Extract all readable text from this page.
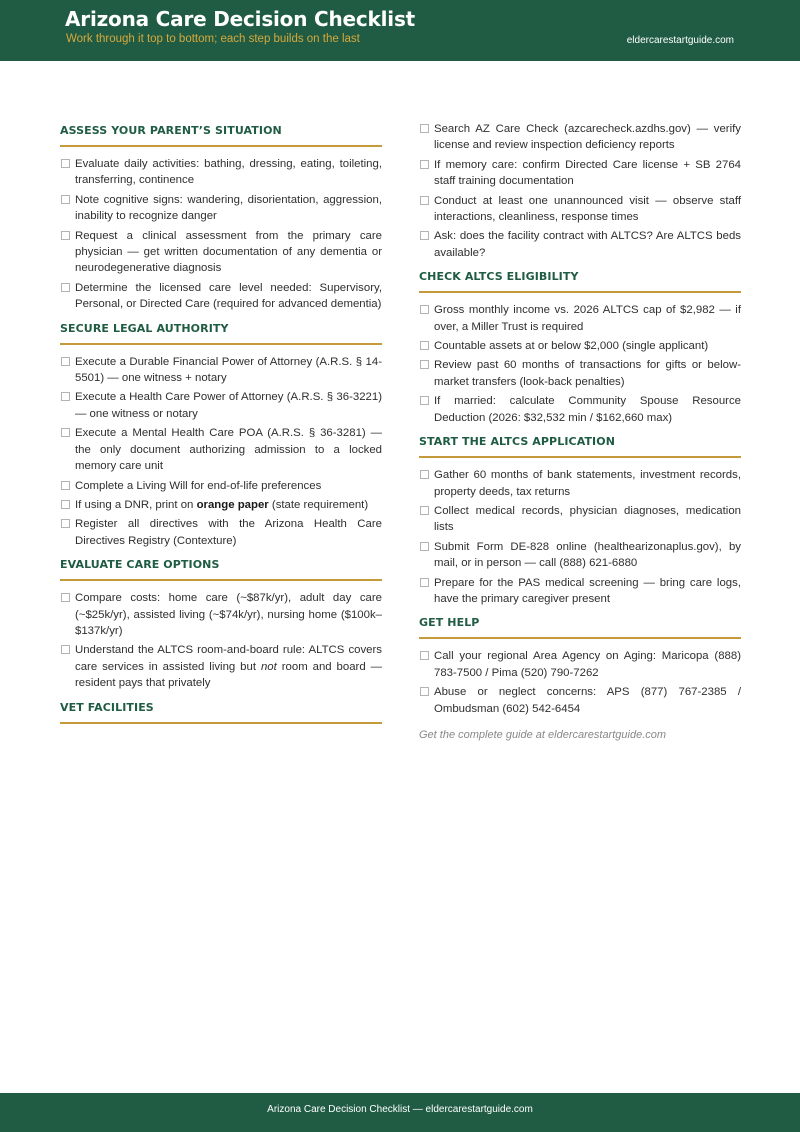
Arizona Care Decision Checklist
Work through it top to bottom; each step builds on the last	eldercarestartguide.com
ASSESS YOUR PARENT’S SITUATION
Evaluate daily activities: bathing, dressing, eating, toileting, transferring, continence
Note cognitive signs: wandering, disorientation, aggression, inability to recognize danger
Request a clinical assessment from the primary care physician — get written documentation of any dementia or neurodegenerative diagnosis
Determine the licensed care level needed: Supervisory, Personal, or Directed Care (required for advanced dementia)
SECURE LEGAL AUTHORITY
Execute a Durable Financial Power of Attorney (A.R.S. § 14-5501) — one witness + notary
Execute a Health Care Power of Attorney (A.R.S. § 36-3221) — one witness or notary
Execute a Mental Health Care POA (A.R.S. § 36-3281) — the only document authorizing admission to a locked memory care unit
Complete a Living Will for end-of-life preferences
If using a DNR, print on orange paper (state requirement)
Register all directives with the Arizona Health Care Directives Registry (Contexture)
EVALUATE CARE OPTIONS
Compare costs: home care (~$87k/yr), adult day care (~$25k/yr), assisted living (~$74k/yr), nursing home ($100k–$137k/yr)
Understand the ALTCS room-and-board rule: ALTCS covers care services in assisted living but not room and board — resident pays that privately
VET FACILITIES
Search AZ Care Check (azcarecheck.azdhs.gov) — verify license and review inspection deficiency reports
If memory care: confirm Directed Care license + SB 2764 staff training documentation
Conduct at least one unannounced visit — observe staff interactions, cleanliness, response times
Ask: does the facility contract with ALTCS? Are ALTCS beds available?
CHECK ALTCS ELIGIBILITY
Gross monthly income vs. 2026 ALTCS cap of $2,982 — if over, a Miller Trust is required
Countable assets at or below $2,000 (single applicant)
Review past 60 months of transactions for gifts or below-market transfers (look-back penalties)
If married: calculate Community Spouse Resource Deduction (2026: $32,532 min / $162,660 max)
START THE ALTCS APPLICATION
Gather 60 months of bank statements, investment records, property deeds, tax returns
Collect medical records, physician diagnoses, medication lists
Submit Form DE-828 online (healthearizonaplus.gov), by mail, or in person — call (888) 621-6880
Prepare for the PAS medical screening — bring care logs, have the primary caregiver present
GET HELP
Call your regional Area Agency on Aging: Maricopa (888) 783-7500 / Pima (520) 790-7262
Abuse or neglect concerns: APS (877) 767-2385 / Ombudsman (602) 542-6454
Get the complete guide at eldercarestartguide.com
Arizona Care Decision Checklist — eldercarestartguide.com
